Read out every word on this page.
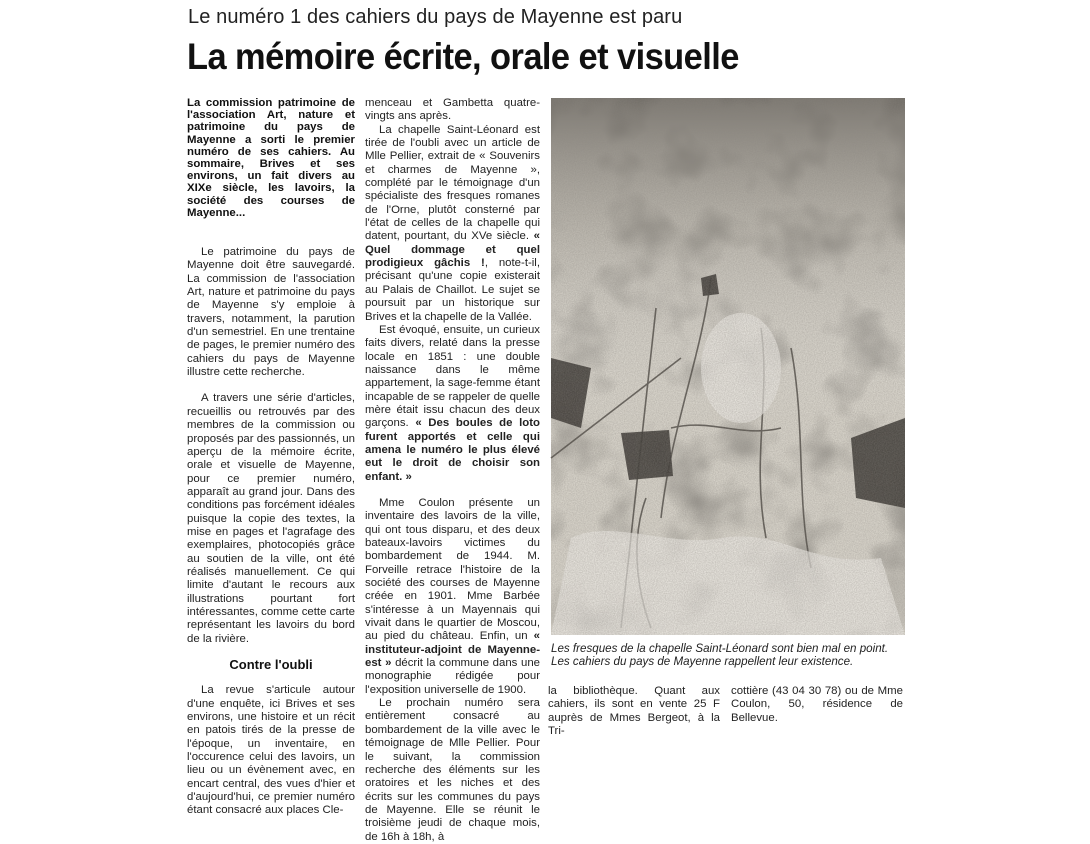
Le numéro 1 des cahiers du pays de Mayenne est paru
La mémoire écrite, orale et visuelle

La commission patrimoine de l'association Art, nature et patrimoine du pays de Mayenne a sorti le premier numéro de ses cahiers. Au sommaire, Brives et ses environs, un fait divers au XIXe siècle, les lavoirs, la société des courses de Mayenne...

Le patrimoine du pays de Mayenne doit être sauvegardé. La commission de l'association Art, nature et patrimoine du pays de Mayenne s'y emploie à travers, notamment, la parution d'un semestriel. En une trentaine de pages, le premier numéro des cahiers du pays de Mayenne illustre cette recherche.

A travers une série d'articles, recueillis ou retrouvés par des membres de la commission ou proposés par des passionnés, un aperçu de la mémoire écrite, orale et visuelle de Mayenne, pour ce premier numéro, apparaît au grand jour. Dans des conditions pas forcément idéales puisque la copie des textes, la mise en pages et l'agrafage des exemplaires, photocopiés grâce au soutien de la ville, ont été réalisés manuellement. Ce qui limite d'autant le recours aux illustrations pourtant fort intéressantes, comme cette carte représentant les lavoirs du bord de la rivière.

Contre l'oubli

La revue s'articule autour d'une enquête, ici Brives et ses environs, une histoire et un récit en patois tirés de la presse de l'époque, un inventaire, en l'occurence celui des lavoirs, un lieu ou un évènement avec, en encart central, des vues d'hier et d'aujourd'hui, ce premier numéro étant consacré aux places Cle-

menceau et Gambetta quatre-vingts ans après.

La chapelle Saint-Léonard est tirée de l'oubli avec un article de Mlle Pellier, extrait de « Souvenirs et charmes de Mayenne », complété par le témoignage d'un spécialiste des fresques romanes de l'Orne, plutôt consterné par l'état de celles de la chapelle qui datent, pourtant, du XVe siècle. « Quel dommage et quel prodigieux gâchis !, note-t-il, précisant qu'une copie existerait au Palais de Chaillot. Le sujet se poursuit par un historique sur Brives et la chapelle de la Vallée.

Est évoqué, ensuite, un curieux faits divers, relaté dans la presse locale en 1851 : une double naissance dans le même appartement, la sage-femme étant incapable de se rappeler de quelle mère était issu chacun des deux garçons. « Des boules de loto furent apportés et celle qui amena le numéro le plus élevé eut le droit de choisir son enfant. »

Mme Coulon présente un inventaire des lavoirs de la ville, qui ont tous disparu, et des deux bateaux-lavoirs victimes du bombardement de 1944. M. Forveille retrace l'histoire de la société des courses de Mayenne créée en 1901. Mme Barbée s'intéresse à un Mayennais qui vivait dans le quartier de Moscou, au pied du château. Enfin, un « instituteur-adjoint de Mayenne-est » décrit la commune dans une monographie rédigée pour l'exposition universelle de 1900.

Le prochain numéro sera entièrement consacré au bombardement de la ville avec le témoignage de Mlle Pellier. Pour le suivant, la commission recherche des éléments sur les oratoires et les niches et des écrits sur les communes du pays de Mayenne. Elle se réunit le troisième jeudi de chaque mois, de 16h à 18h, à

Les fresques de la chapelle Saint-Léonard sont bien mal en point. Les cahiers du pays de Mayenne rappellent leur existence.

la bibliothèque. Quant aux cahiers, ils sont en vente 25 F auprès de Mmes Bergeot, à la Tri-

cottière (43 04 30 78) ou de Mme Coulon, 50, résidence de Bellevue.
